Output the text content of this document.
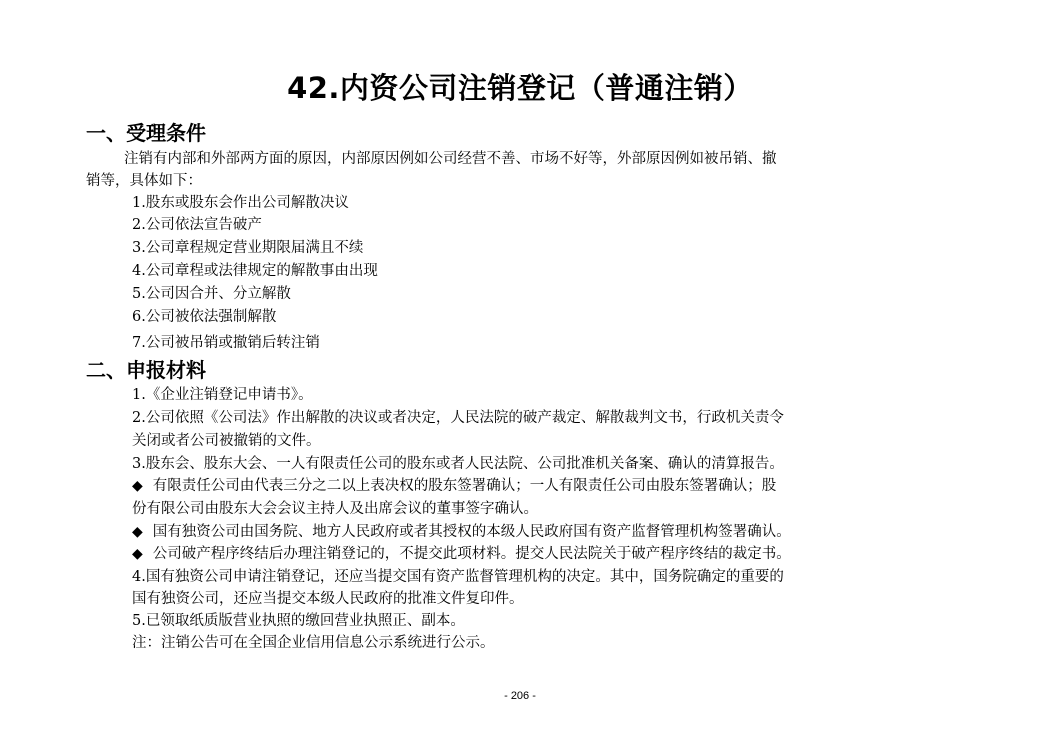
42.内资公司注销登记（普通注销）
一、受理条件
注销有内部和外部两方面的原因，内部原因例如公司经营不善、市场不好等，外部原因例如被吊销、撤
销等，具体如下：
1.股东或股东会作出公司解散决议
2.公司依法宣告破产
3.公司章程规定营业期限届满且不续
4.公司章程或法律规定的解散事由出现
5.公司因合并、分立解散
6.公司被依法强制解散
7.公司被吊销或撤销后转注销
二、申报材料
1.《企业注销登记申请书》。
2.公司依照《公司法》作出解散的决议或者决定，人民法院的破产裁定、解散裁判文书，行政机关责令
关闭或者公司被撤销的文件。
3.股东会、股东大会、一人有限责任公司的股东或者人民法院、公司批准机关备案、确认的清算报告。
◆ 有限责任公司由代表三分之二以上表决权的股东签署确认；一人有限责任公司由股东签署确认；股
份有限公司由股东大会会议主持人及出席会议的董事签字确认。
◆ 国有独资公司由国务院、地方人民政府或者其授权的本级人民政府国有资产监督管理机构签署确认。
◆ 公司破产程序终结后办理注销登记的，不提交此项材料。提交人民法院关于破产程序终结的裁定书。
4.国有独资公司申请注销登记，还应当提交国有资产监督管理机构的决定。其中，国务院确定的重要的
国有独资公司，还应当提交本级人民政府的批准文件复印件。
5.已领取纸质版营业执照的缴回营业执照正、副本。
注：注销公告可在全国企业信用信息公示系统进行公示。
- 206 -
